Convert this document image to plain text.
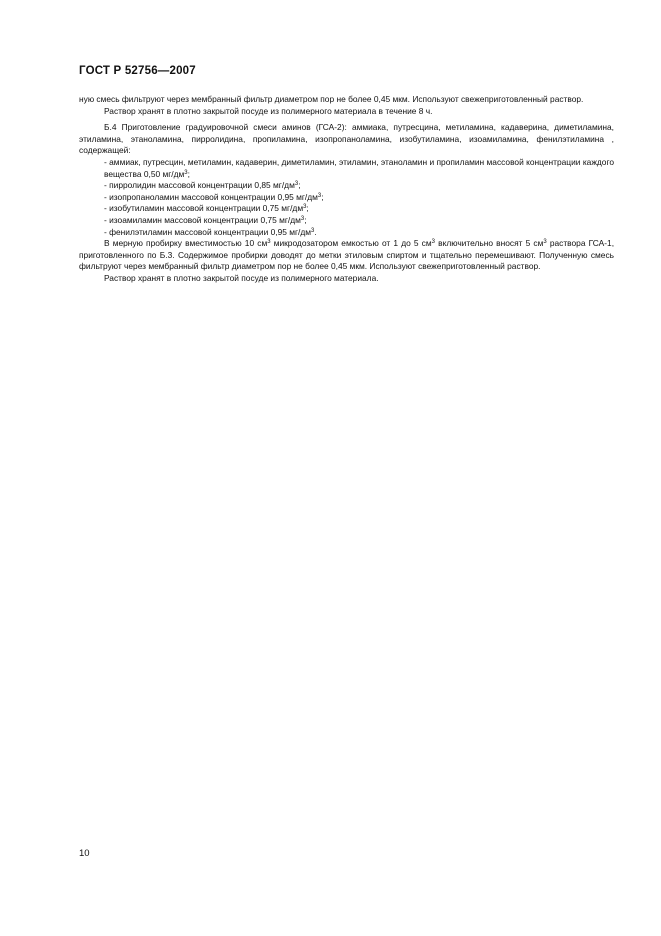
ГОСТ Р 52756—2007

ную смесь фильтруют через мембранный фильтр диаметром пор не более 0,45 мкм. Используют свежеприготовленный раствор.

Раствор хранят в плотно закрытой посуде из полимерного материала в течение 8 ч.

Б.4 Приготовление градуировочной смеси аминов (ГСА-2): аммиака, путресцина, метиламина, кадаверина, диметиламина, этиламина, этаноламина, пирролидина, пропиламина, изопропаноламина, изобутиламина, изоамиламина, фенилэтиламина , содержащей:

- аммиак, путресцин, метиламин, кадаверин, диметиламин, этиламин, этаноламин и пропиламин массовой концентрации каждого вещества 0,50 $мг/дм^3$;

- пирролидин массовой концентрации 0,85 $мг/дм^3$;

- изопропаноламин массовой концентрации 0,95 $мг/дм^3$;

- изобутиламин массовой концентрации 0,75 $мг/дм^3$;

- изоамиламин массовой концентрации 0,75 $мг/дм^3$;

- фенилэтиламин массовой концентрации 0,95 $мг/дм^3$.

В мерную пробирку вместимостью 10 $см^3$ микродозатором емкостью от 1 до 5 $см^3$ включительно вносят 5 $см^3$ раствора ГСА-1, приготовленного по Б.3. Содержимое пробирки доводят до метки этиловым спиртом и тщательно перемешивают. Полученную смесь фильтруют через мембранный фильтр диаметром пор не более 0,45 мкм. Используют свежеприготовленный раствор.

Раствор хранят в плотно закрытой посуде из полимерного материала.

10
